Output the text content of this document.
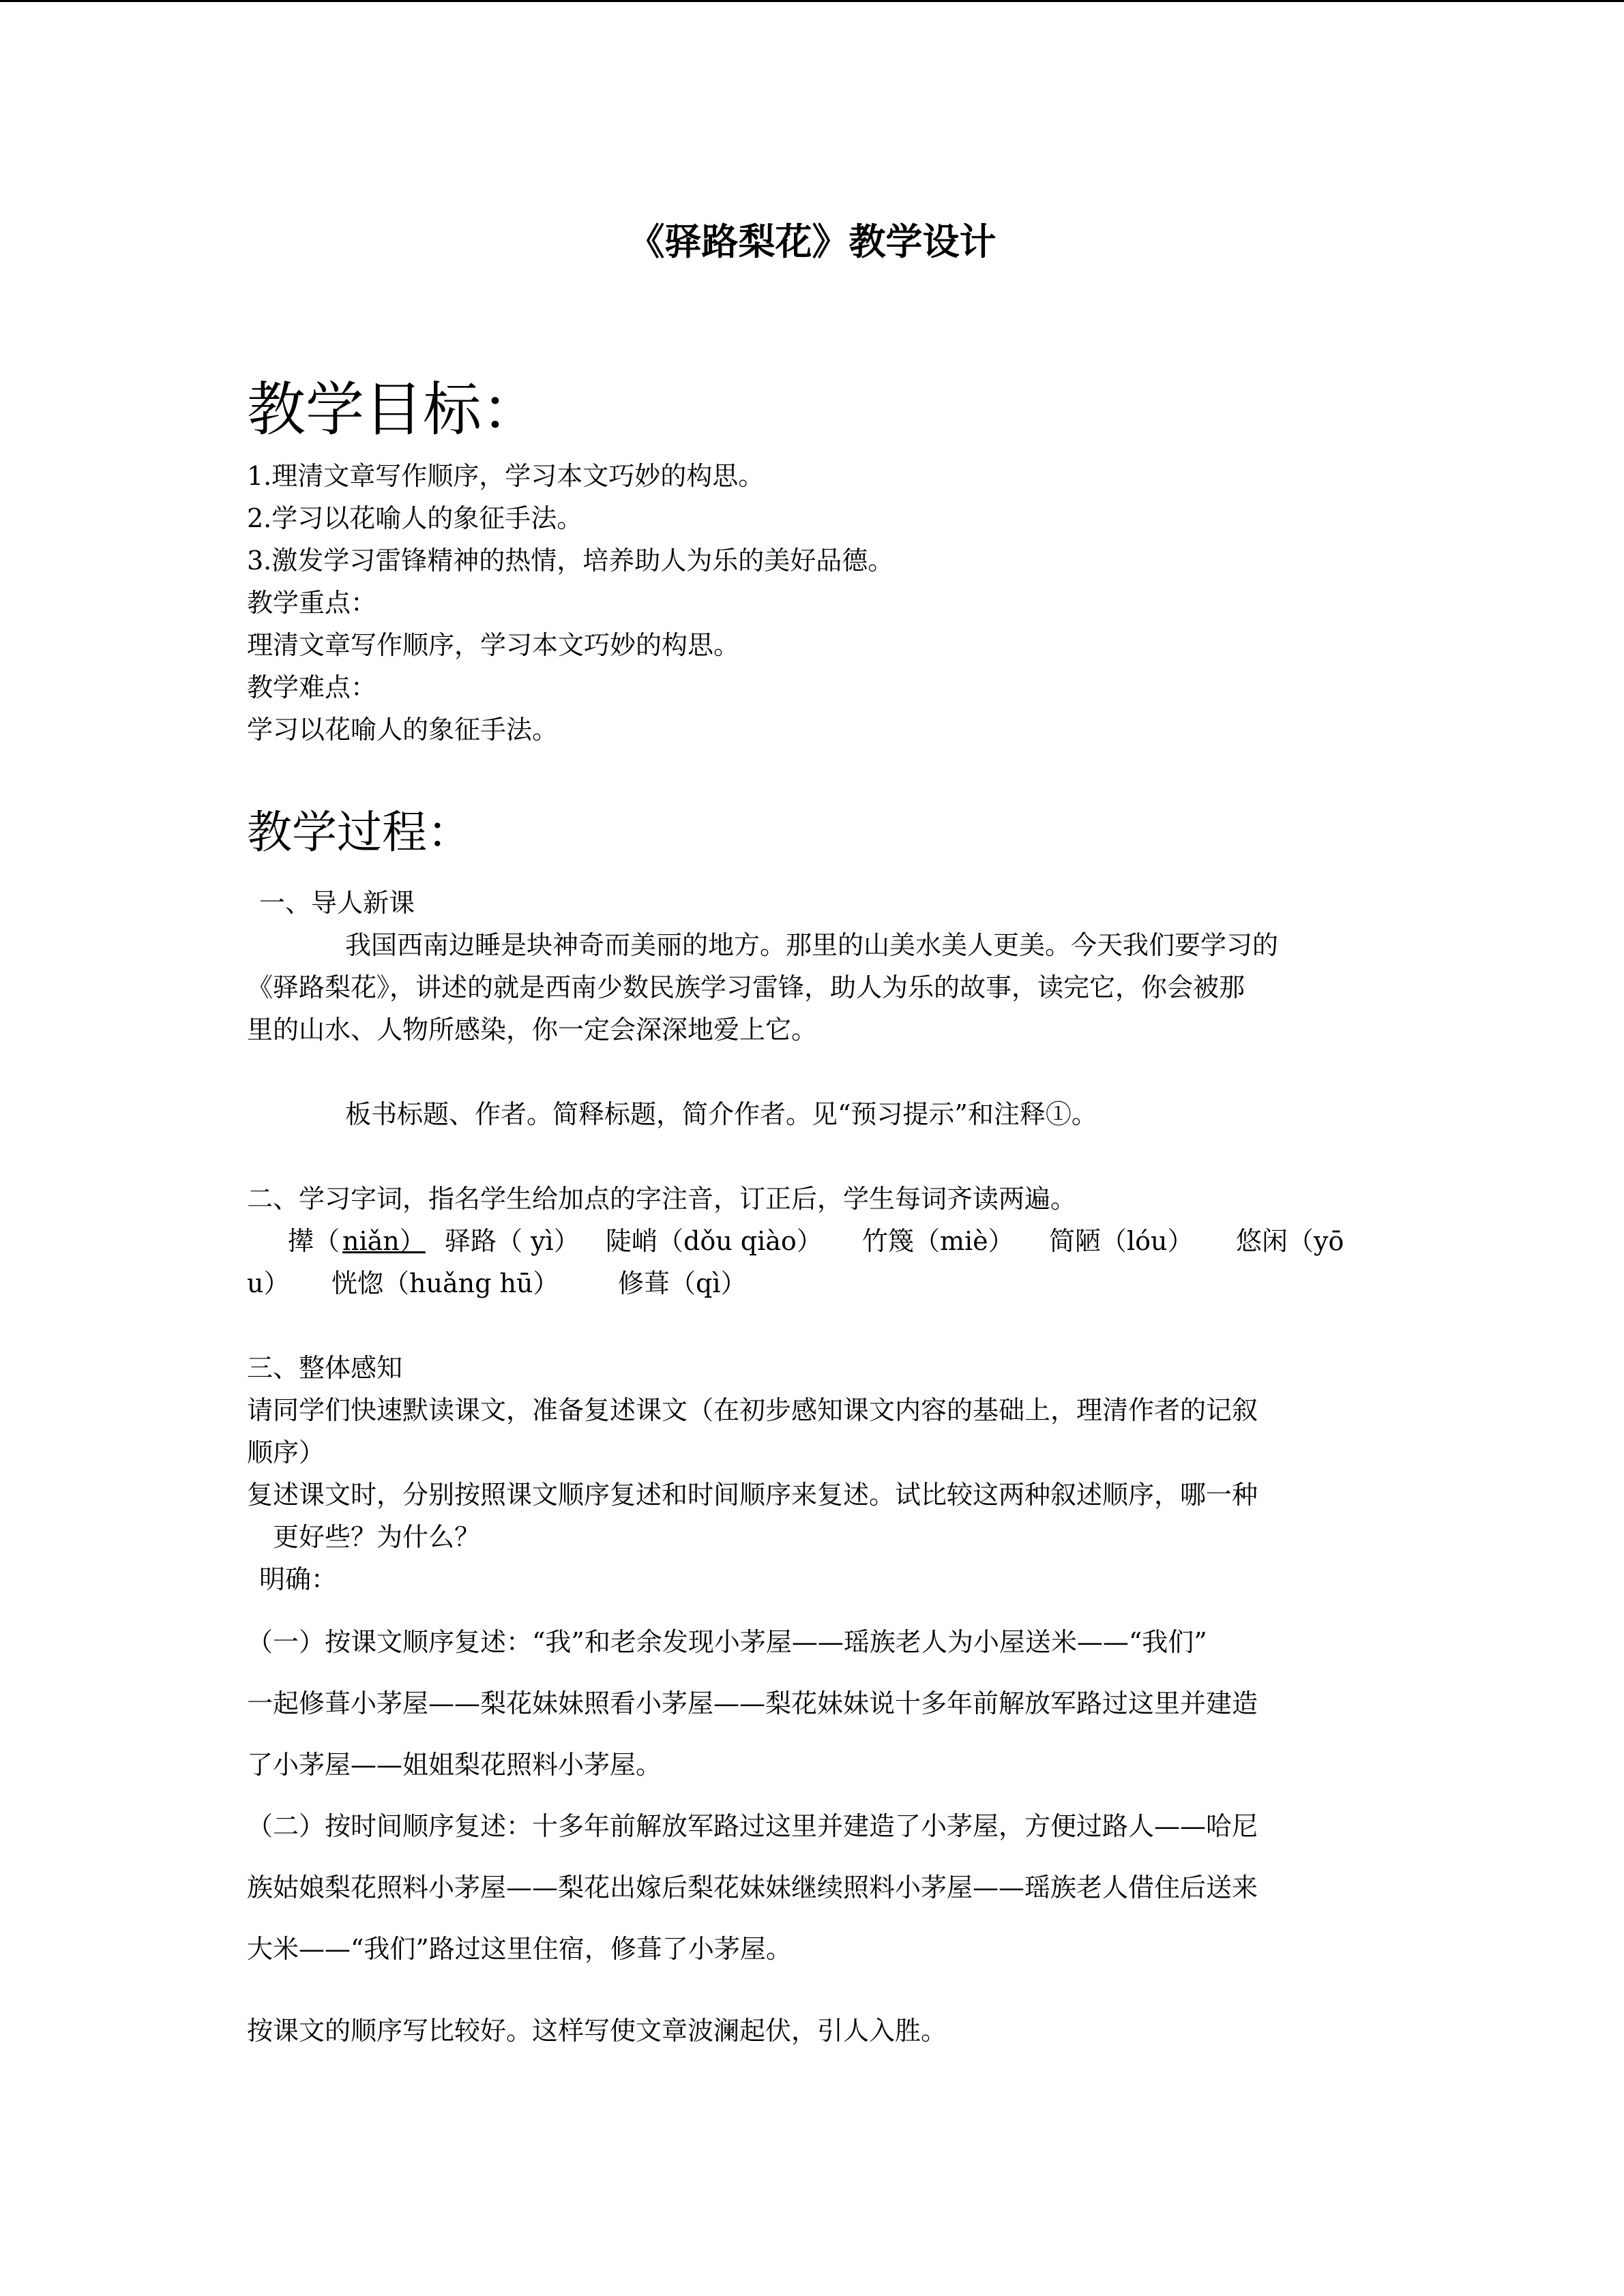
《驿路梨花》教学设计
教学目标：
1.理清文章写作顺序，学习本文巧妙的构思。
2.学习以花喻人的象征手法。
3.激发学习雷锋精神的热情，培养助人为乐的美好品德。
教学重点：
理清文章写作顺序，学习本文巧妙的构思。
教学难点：
学习以花喻人的象征手法。
教学过程：
一、导人新课
我国西南边睡是块神奇而美丽的地方。那里的山美水美人更美。今天我们要学习的
《驿路梨花》，讲述的就是西南少数民族学习雷锋，助人为乐的故事，读完它，你会被那
里的山水、人物所感染，你一定会深深地爱上它。
板书标题、作者。简释标题，简介作者。见“预习提示”和注释①。
二、学习字词，指名学生给加点的字注音，订正后，学生每词齐读两遍。
撵（ niǎn） 驿路（ yì） 陡峭（dǒu qiào） 竹篾（miè） 简陋（lóu） 悠闲（yō
u） 恍惚（huǎng hū） 修葺（qì）
三、整体感知
请同学们快速默读课文，准备复述课文（在初步感知课文内容的基础上，理清作者的记叙
顺序）
复述课文时，分别按照课文顺序复述和时间顺序来复述。试比较这两种叙述顺序，哪一种
更好些？为什么？
明确：
（一）按课文顺序复述：“我”和老余发现小茅屋——瑶族老人为小屋送米——“我们”
一起修葺小茅屋——梨花妹妹照看小茅屋——梨花妹妹说十多年前解放军路过这里并建造
了小茅屋——姐姐梨花照料小茅屋。
（二）按时间顺序复述：十多年前解放军路过这里并建造了小茅屋，方便过路人——哈尼
族姑娘梨花照料小茅屋——梨花出嫁后梨花妹妹继续照料小茅屋——瑶族老人借住后送来
大米——“我们”路过这里住宿，修葺了小茅屋。
按课文的顺序写比较好。这样写使文章波澜起伏，引人入胜。
